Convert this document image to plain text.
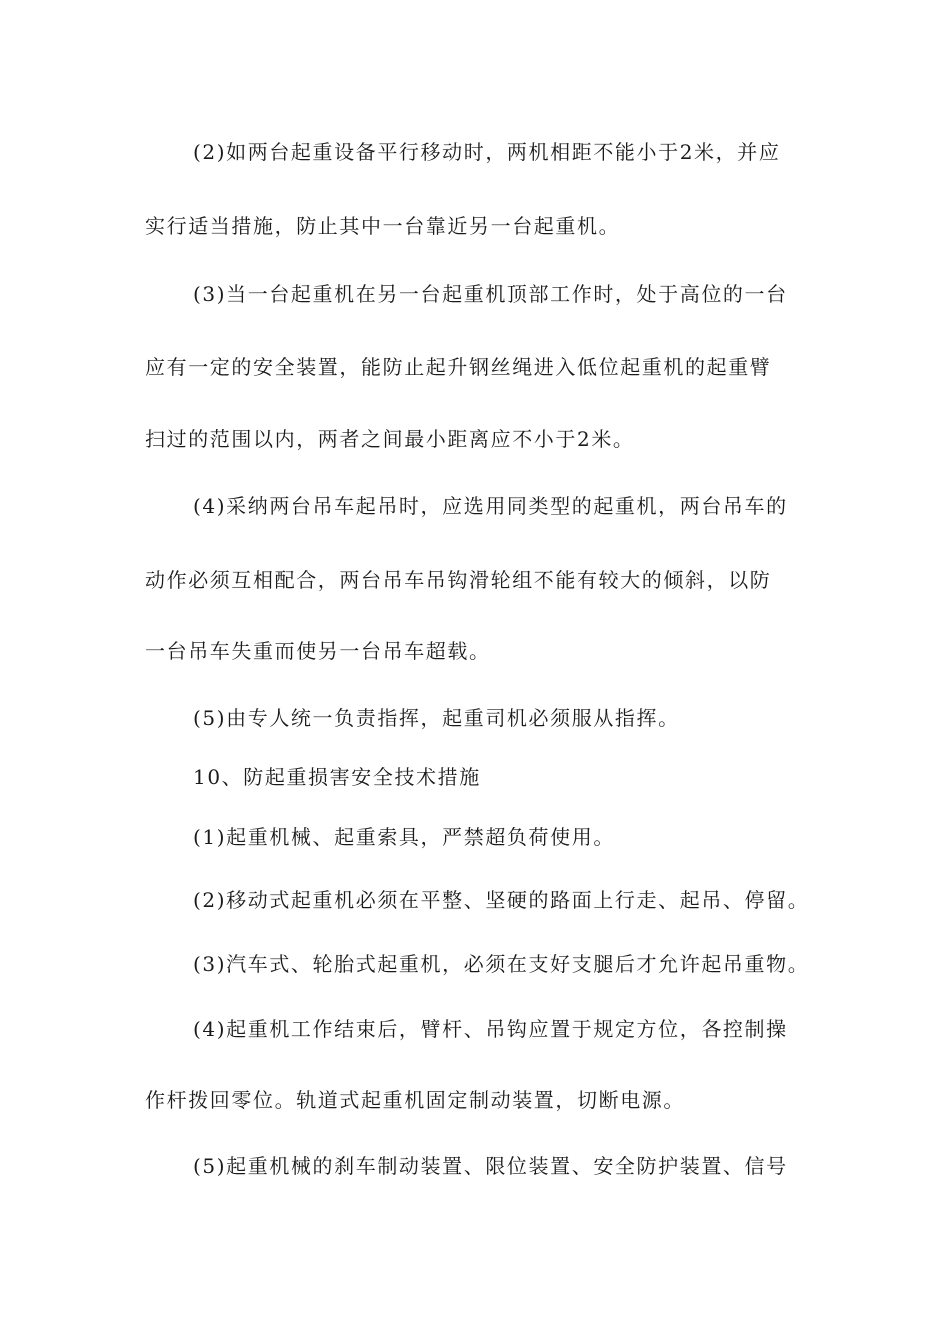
(2)如两台起重设备平行移动时，两机相距不能小于2米，并应
实行适当措施，防止其中一台靠近另一台起重机。
(3)当一台起重机在另一台起重机顶部工作时，处于高位的一台
应有一定的安全装置，能防止起升钢丝绳进入低位起重机的起重臂
扫过的范围以内，两者之间最小距离应不小于2米。
(4)采纳两台吊车起吊时，应选用同类型的起重机，两台吊车的
动作必须互相配合，两台吊车吊钩滑轮组不能有较大的倾斜，以防
一台吊车失重而使另一台吊车超载。
(5)由专人统一负责指挥，起重司机必须服从指挥。
10、防起重损害安全技术措施
(1)起重机械、起重索具，严禁超负荷使用。
(2)移动式起重机必须在平整、坚硬的路面上行走、起吊、停留。
(3)汽车式、轮胎式起重机，必须在支好支腿后才允许起吊重物。
(4)起重机工作结束后，臂杆、吊钩应置于规定方位，各控制操
作杆拨回零位。轨道式起重机固定制动装置，切断电源。
(5)起重机械的刹车制动装置、限位装置、安全防护装置、信号
